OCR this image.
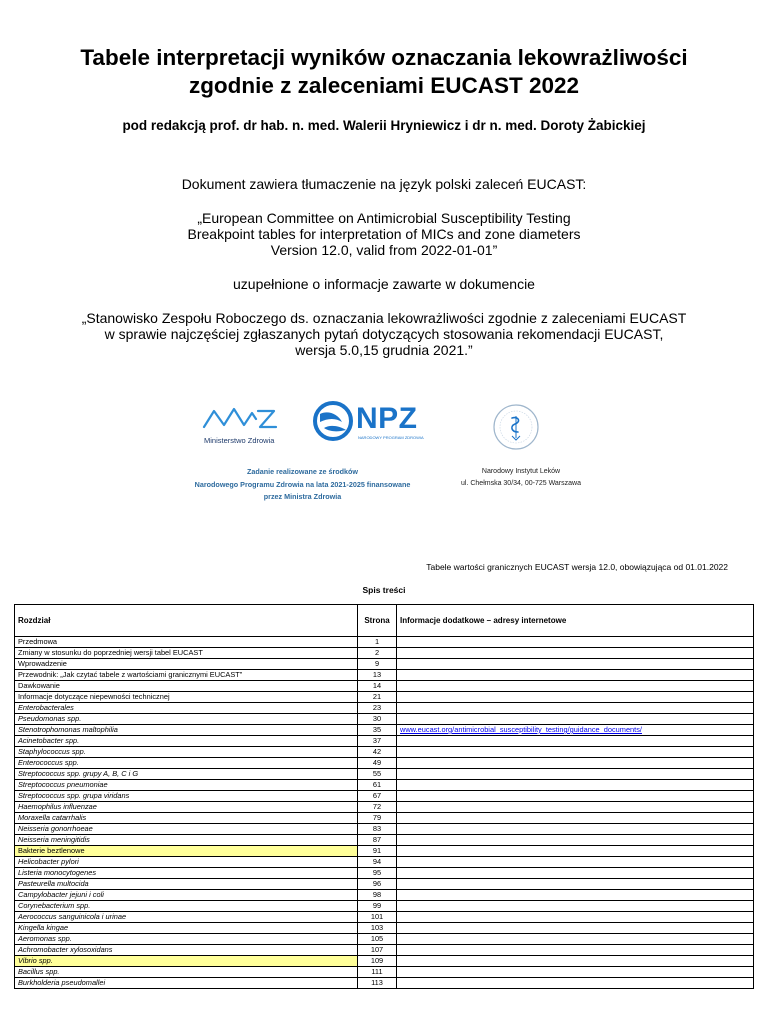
Tabele interpretacji wyników oznaczania lekowrażliwości
zgodnie z zaleceniami EUCAST 2022
pod redakcją prof. dr hab. n. med. Walerii Hryniewicz i dr n. med. Doroty Żabickiej
Dokument zawiera tłumaczenie na język polski zaleceń EUCAST:
„European Committee on Antimicrobial Susceptibility Testing
Breakpoint tables for interpretation of MICs and zone diameters
Version 12.0, valid from 2022-01-01”
uzupełnione o informacje zawarte w dokumencie
„Stanowisko Zespołu Roboczego ds. oznaczania lekowrażliwości zgodnie z zaleceniami EUCAST
w sprawie najczęściej zgłaszanych pytań dotyczących stosowania rekomendacji EUCAST,
wersja 5.0,15 grudnia 2021.”
Ministerstwo Zdrowia
NPZ
NARODOWY PROGRAM ZDROWIA
Zadanie realizowane ze środków
Narodowego Programu Zdrowia na lata 2021-2025 finansowane
przez Ministra Zdrowia
Narodowy Instytut Leków
ul. Chełmska 30/34, 00-725 Warszawa
Tabele wartości granicznych EUCAST wersja 12.0, obowiązująca od 01.01.2022
Spis treści
Rozdział	Strona	Informacje dodatkowe – adresy internetowe
Przedmowa	1	
Zmiany w stosunku do poprzedniej wersji tabel EUCAST	2	
Wprowadzenie	9	
Przewodnik: „Jak czytać tabele z wartościami granicznymi EUCAST”	13	
Dawkowanie	14	
Informacje dotyczące niepewności technicznej	21	
Enterobacterales	23	
Pseudomonas spp.	30	
Stenotrophomonas maltophilia	35	www.eucast.org/antimicrobial_susceptibility_testing/guidance_documents/
Acinetobacter spp.	37	
Staphylococcus spp.	42	
Enterococcus spp.	49	
Streptococcus spp. grupy A, B, C i G	55	
Streptococcus pneumoniae	61	
Streptococcus spp. grupa viridans	67	
Haemophilus influenzae	72	
Moraxella catarrhalis	79	
Neisseria gonorrhoeae	83	
Neisseria meningitidis	87	
Bakterie beztlenowe	91	
Helicobacter pylori	94	
Listeria monocytogenes	95	
Pasteurella multocida	96	
Campylobacter jejuni i coli	98	
Corynebacterium spp.	99	
Aerococcus sanguinicola i urinae	101	
Kingella kingae	103	
Aeromonas spp.	105	
Achromobacter xylosoxidans	107	
Vibrio spp.	109	
Bacillus spp.	111	
Burkholderia pseudomallei	113	
